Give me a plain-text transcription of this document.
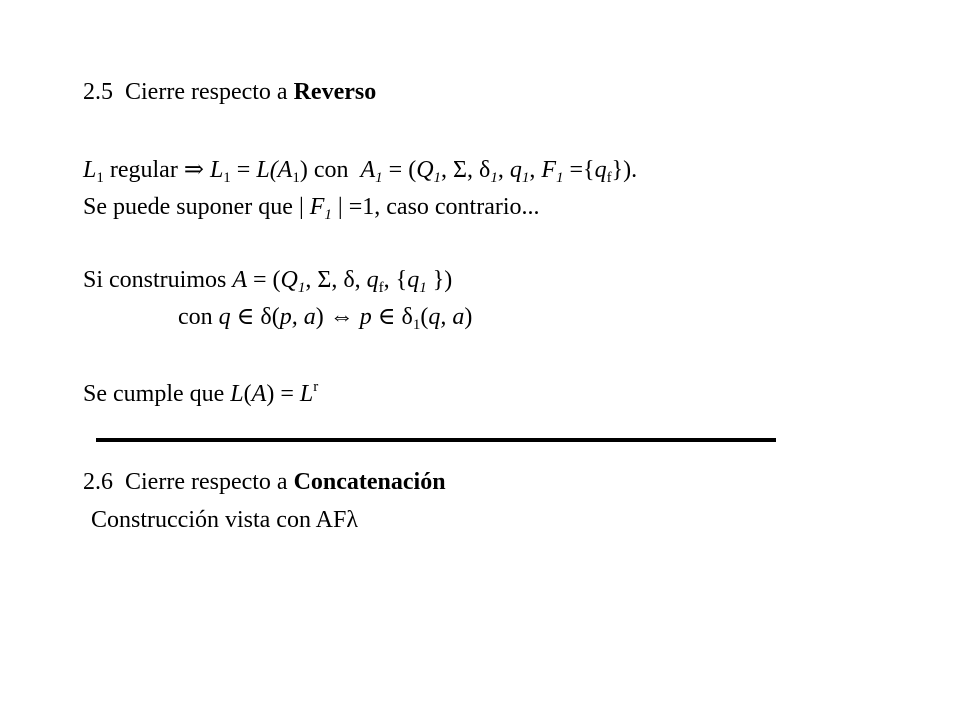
2.5 Cierre respecto a Reverso
$L_1$ regular ⇒ $L_1 = L(A_1)$ con  $A_1 = (Q_1$, Σ, $\delta_1$, $q_1$, $F_1 =\{q_f\}$).
Se puede suponer que | $F_1$ | =1, caso contrario...
Si construimos $A = (Q_1$, Σ, δ, $q_f$, {$q_1$ })
con q ∈ δ(p, a) ⇔ p ∈ $\delta_1(q$, a)
Se cumple que $L(A) = L^r$
2.6 Cierre respecto a Concatenación
Construcción vista con AFλ
